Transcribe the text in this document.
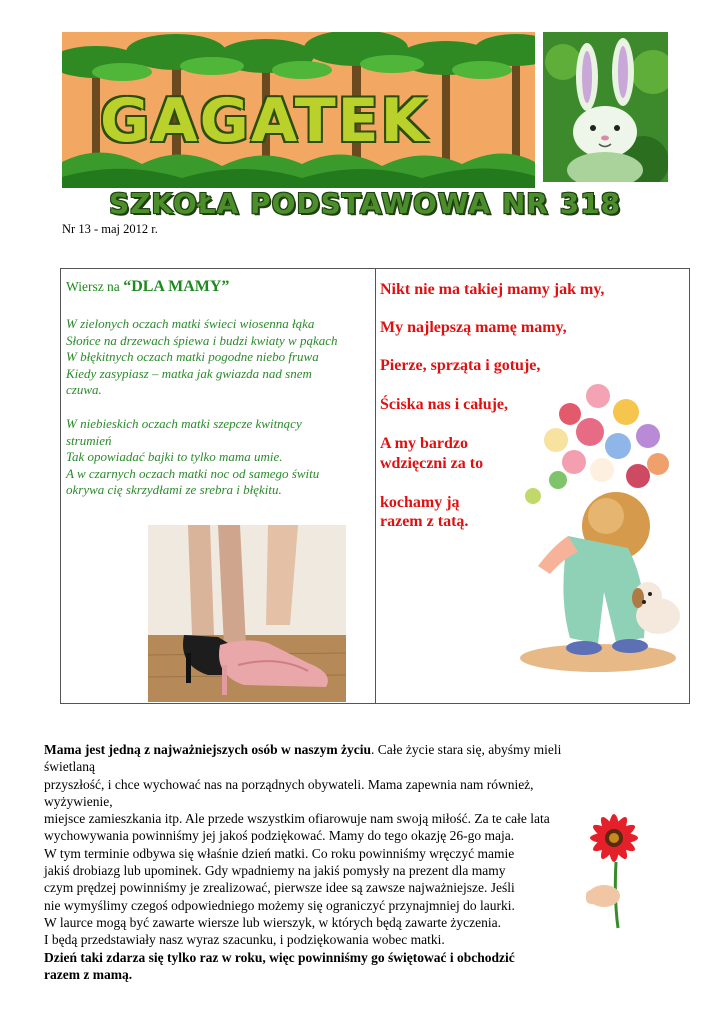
GAGATEK
SZKOŁA PODSTAWOWA NR 318
Nr 13 - maj 2012 r.
Wiersz na “DLA MAMY”
W zielonych oczach matki świeci wiosenna łąka
Słońce na drzewach śpiewa i budzi kwiaty w pąkach
W błękitnych oczach matki pogodne niebo fruwa
Kiedy zasypiasz – matka jak gwiazda nad snem
czuwa.
W niebieskich oczach matki szepcze kwitnący
strumień
Tak opowiadać bajki to tylko mama umie.
A w czarnych oczach matki noc od samego świtu
okrywa cię skrzydłami ze srebra i błękitu.
Nikt nie ma takiej mamy jak my,
My najlepszą mamę mamy,
Pierze, sprząta i gotuje,
Ściska nas i całuje,
A my bardzo
wdzięczni za to
kochamy ją
razem z tatą.

Mama jest jedną z najważniejszych osób w naszym życiu. Całe życie stara się, abyśmy mieli świetlaną

przyszłość, i chce wychować nas na porządnych obywateli. Mama zapewnia nam również, wyżywienie,

miejsce zamieszkania itp. Ale przede wszystkim ofiarowuje nam swoją miłość. Za te całe lata

wychowywania powinniśmy jej jakoś podziękować. Mamy do tego okazję 26-go maja.

W tym terminie odbywa się właśnie dzień matki. Co roku powinniśmy wręczyć mamie

jakiś drobiazg lub upominek. Gdy wpadniemy na jakiś pomysły na prezent dla mamy

czym prędzej powinniśmy je zrealizować, pierwsze idee są zawsze najważniejsze. Jeśli

nie wymyślimy czegoś odpowiedniego możemy się ograniczyć przynajmniej do laurki.

W laurce mogą być zawarte wiersze lub wierszyk, w których będą zawarte życzenia.

I będą przedstawiały nasz wyraz szacunku, i podziękowania wobec matki.

Dzień taki zdarza się tylko raz w roku, więc powinniśmy go świętować i obchodzić

razem z mamą.
